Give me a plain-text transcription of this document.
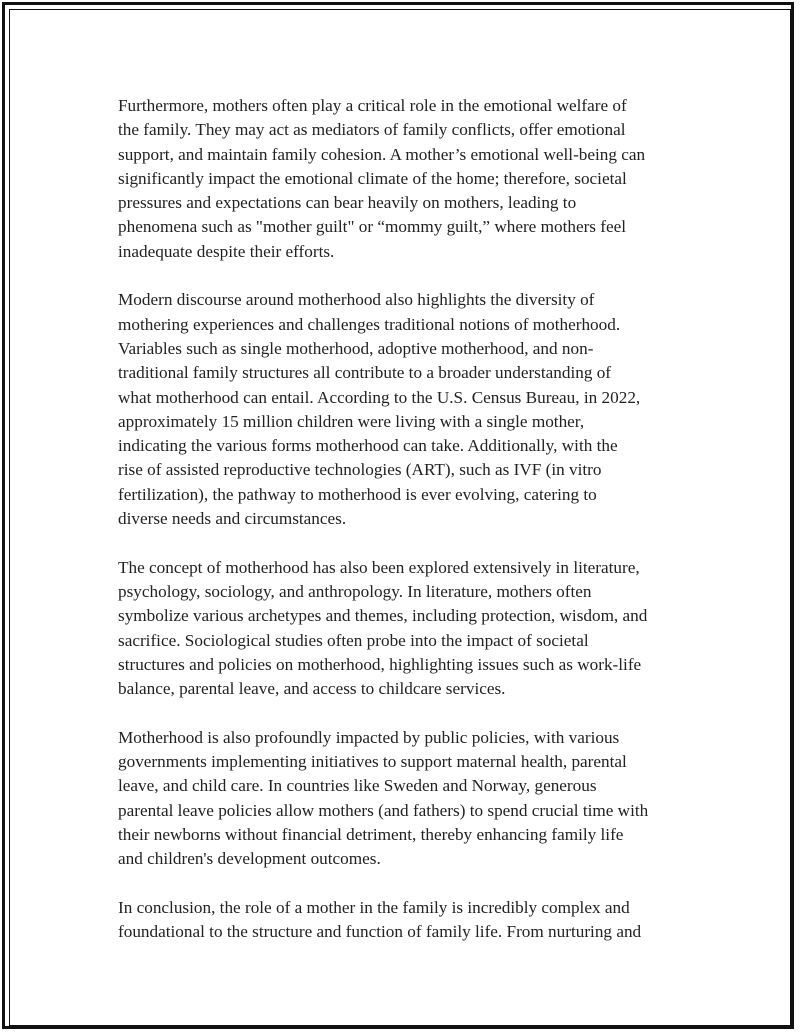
Furthermore, mothers often play a critical role in the emotional welfare of
the family. They may act as mediators of family conflicts, offer emotional
support, and maintain family cohesion. A mother’s emotional well-being can
significantly impact the emotional climate of the home; therefore, societal
pressures and expectations can bear heavily on mothers, leading to
phenomena such as "mother guilt" or “mommy guilt,” where mothers feel
inadequate despite their efforts.

Modern discourse around motherhood also highlights the diversity of
mothering experiences and challenges traditional notions of motherhood.
Variables such as single motherhood, adoptive motherhood, and non-
traditional family structures all contribute to a broader understanding of
what motherhood can entail. According to the U.S. Census Bureau, in 2022,
approximately 15 million children were living with a single mother,
indicating the various forms motherhood can take. Additionally, with the
rise of assisted reproductive technologies (ART), such as IVF (in vitro
fertilization), the pathway to motherhood is ever evolving, catering to
diverse needs and circumstances.

The concept of motherhood has also been explored extensively in literature,
psychology, sociology, and anthropology. In literature, mothers often
symbolize various archetypes and themes, including protection, wisdom, and
sacrifice. Sociological studies often probe into the impact of societal
structures and policies on motherhood, highlighting issues such as work-life
balance, parental leave, and access to childcare services.

Motherhood is also profoundly impacted by public policies, with various
governments implementing initiatives to support maternal health, parental
leave, and child care. In countries like Sweden and Norway, generous
parental leave policies allow mothers (and fathers) to spend crucial time with
their newborns without financial detriment, thereby enhancing family life
and children's development outcomes.

In conclusion, the role of a mother in the family is incredibly complex and
foundational to the structure and function of family life. From nurturing and
